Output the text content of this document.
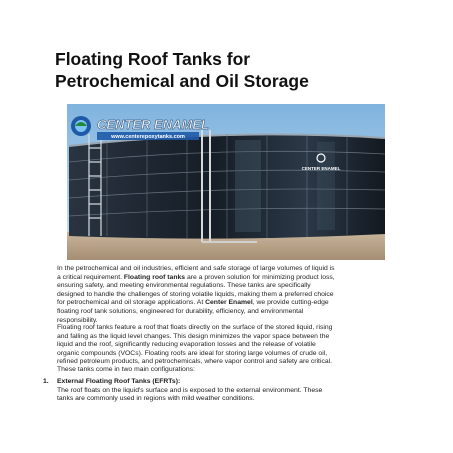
Floating Roof Tanks for
Petrochemical and Oil Storage
CENTER ENAMEL
CENTER ENAMEL
www.centerepoxytanks.com

In the petrochemical and oil industries, efficient and safe storage of large volumes of liquid is
a critical requirement. Floating roof tanks are a proven solution for minimizing product loss,
ensuring safety, and meeting environmental regulations. These tanks are specifically
designed to handle the challenges of storing volatile liquids, making them a preferred choice
for petrochemical and oil storage applications. At Center Enamel, we provide cutting-edge
floating roof tank solutions, engineered for durability, efficiency, and environmental
responsibility.

Floating roof tanks feature a roof that floats directly on the surface of the stored liquid, rising
and falling as the liquid level changes. This design minimizes the vapor space between the
liquid and the roof, significantly reducing evaporation losses and the release of volatile
organic compounds (VOCs). Floating roofs are ideal for storing large volumes of crude oil,
refined petroleum products, and petrochemicals, where vapor control and safety are critical.

These tanks come in two main configurations:

1. External Floating Roof Tanks (EFRTs):
The roof floats on the liquid's surface and is exposed to the external environment. These
tanks are commonly used in regions with mild weather conditions.
